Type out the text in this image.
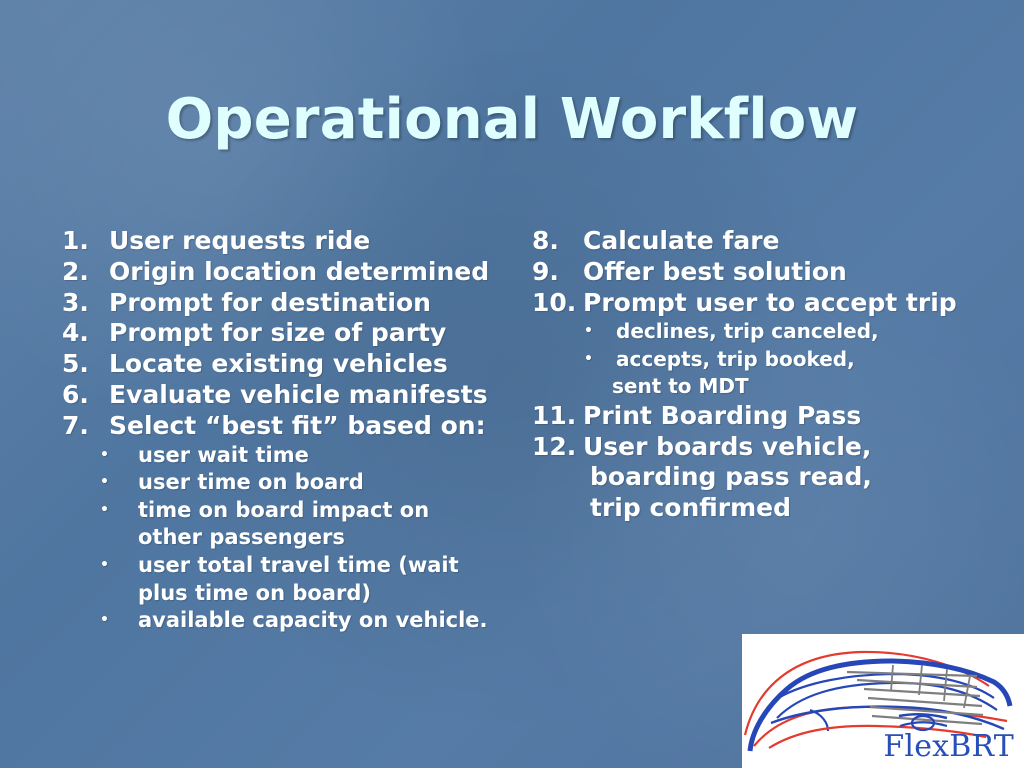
Operational Workflow
1. User requests ride
2. Origin location determined
3. Prompt for destination
4. Prompt for size of party
5. Locate existing vehicles
6. Evaluate vehicle manifests
7. Select “best fit” based on:
• user wait time
• user time on board
• time on board impact on other passengers
• user total travel time (wait plus time on board)
• available capacity on vehicle.
8. Calculate fare
9. Offer best solution
10. Prompt user to accept trip
• declines, trip canceled,
• accepts, trip booked,
sent to MDT
11. Print Boarding Pass
12. User boards vehicle,
boarding pass read,
trip confirmed
FlexBRT
